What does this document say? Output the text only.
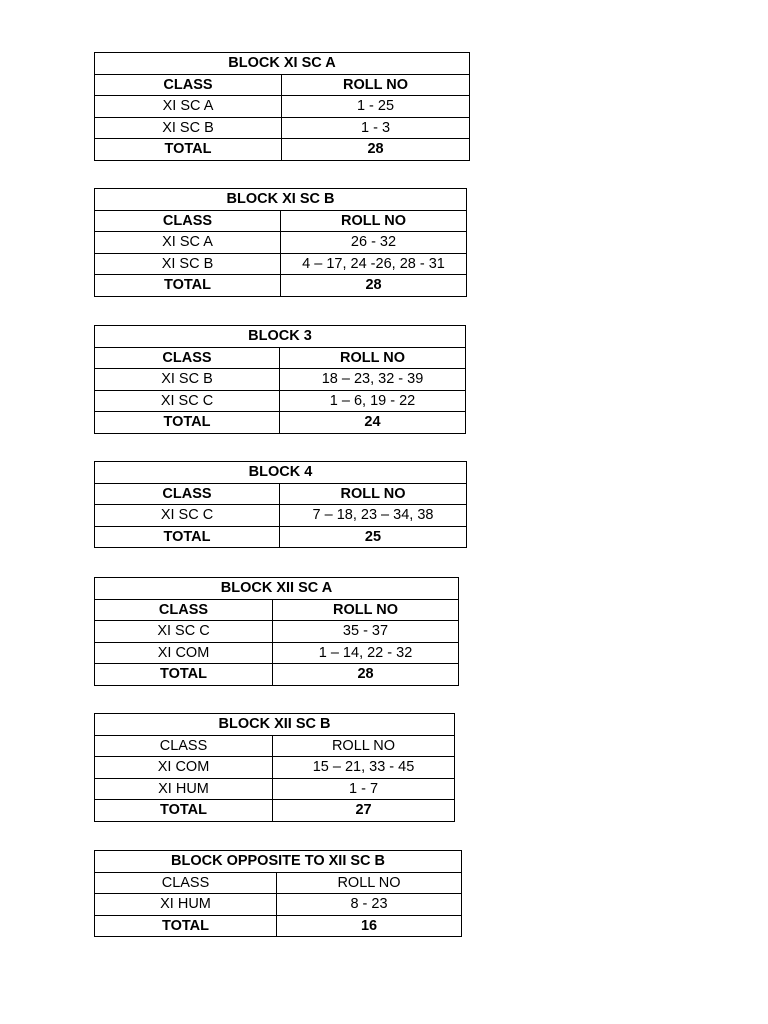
BLOCK XI SC A	
CLASS	ROLL NO
XI SC A	1 - 25
XI SC B	1 - 3
TOTAL	28
BLOCK XI SC B	
CLASS	ROLL NO
XI SC A	26 - 32
XI SC B	4 – 17, 24 -26, 28 - 31
TOTAL	28
BLOCK 3	
CLASS	ROLL NO
XI SC B	18 – 23, 32 - 39
XI SC C	1 – 6, 19 - 22
TOTAL	24
BLOCK 4	
CLASS	ROLL NO
XI SC C	7 – 18, 23 – 34, 38
TOTAL	25
BLOCK XII SC A	
CLASS	ROLL NO
XI SC C	35 - 37
XI COM	1 – 14, 22 - 32
TOTAL	28
BLOCK XII SC B	
CLASS	ROLL NO
XI COM	15 – 21, 33 - 45
XI HUM	1 - 7
TOTAL	27
BLOCK OPPOSITE TO XII SC B	
CLASS	ROLL NO
XI HUM	8 - 23
TOTAL	16
